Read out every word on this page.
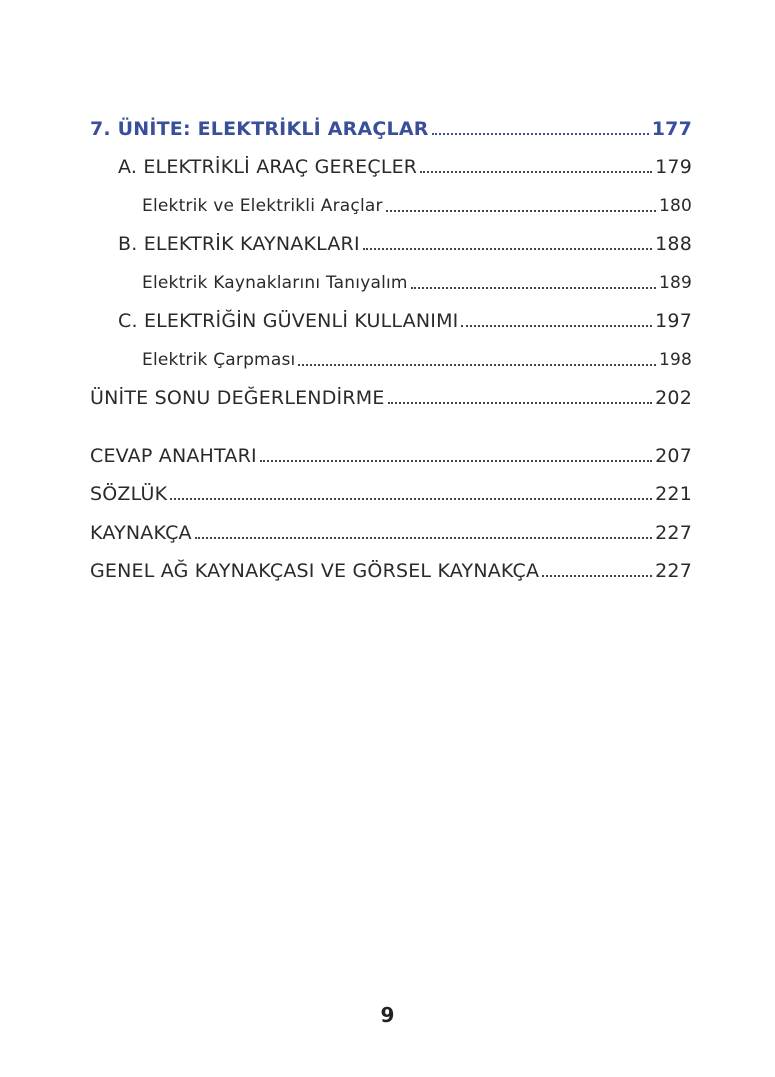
7. ÜNİTE: ELEKTRİKLİ ARAÇLAR	177
A. ELEKTRİKLİ ARAÇ GEREÇLER	179
Elektrik ve Elektrikli Araçlar	180
B. ELEKTRİK KAYNAKLARI	188
Elektrik Kaynaklarını Tanıyalım	189
C. ELEKTRİĞİN GÜVENLİ KULLANIMI	197
Elektrik Çarpması	198
ÜNİTE SONU DEĞERLENDİRME	202
CEVAP ANAHTARI	207
SÖZLÜK	221
KAYNAKÇA	227
GENEL AĞ KAYNAKÇASI VE GÖRSEL KAYNAKÇA	227
9
